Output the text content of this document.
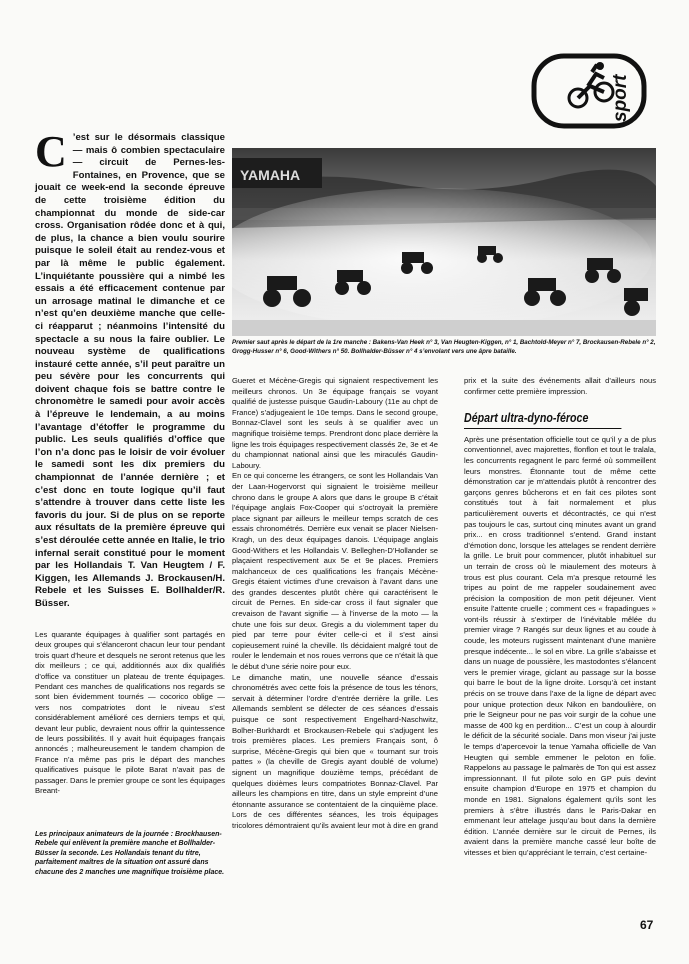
sport
YAMAHA
Premier saut après le départ de la 1re manche : Bakens-Van Heek n° 3, Van Heugten-Kiggen, n° 1, Bachtold-Meyer n° 7, Brockausen-Rebele n° 2, Grogg-Husser n° 6, Good-Withers n° 50. Bollhalder-Büsser n° 4 s’envolant vers une âpre bataille.
C ’est sur le désormais classique — mais ô combien spectaculaire — circuit de Pernes-les-Fontaines, en Provence, que se jouait ce week-end la seconde épreuve de cette troisième édition du championnat du monde de side-car cross. Organisation rôdée donc et à qui, de plus, la chance a bien voulu sourire puisque le soleil était au rendez-vous et par là même le public également. L’inquiétante poussière qui a nimbé les essais a été efficacement contenue par un arrosage matinal le dimanche et ce n’est qu’en deuxième manche que celle-ci réapparut ; néanmoins l’intensité du spectacle a su nous la faire oublier. Le nouveau système de qualifications instauré cette année, s’il peut paraître un peu sévère pour les concurrents qui doivent chaque fois se battre contre le chronomètre le samedi pour avoir accès à l’épreuve le lendemain, a au moins l’avantage d’étoffer le programme du public. Les seuls qualifiés d’office que l’on n’a donc pas le loisir de voir évoluer le samedi sont les dix premiers du championnat de l’année dernière ; et c’est donc en toute logique qu’il faut s’attendre à trouver dans cette liste les favoris du jour. Si de plus on se reporte aux résultats de la première épreuve qui s’est déroulée cette année en Italie, le trio infernal serait constitué pour le moment par les Hollandais T. Van Heugtem / F. Kiggen, les Allemands J. Brockausen/H. Rebele et les Suisses E. Bollhalder/R. Büsser.
Les quarante équipages à qualifier sont partagés en deux groupes qui s’élanceront chacun leur tour pendant trois quart d’heure et desquels ne seront retenus que les dix meilleurs ; ce qui, additionnés aux dix qualifiés d’office va constituer un plateau de trente équipages. Pendant ces manches de qualifications nos regards se sont bien évidemment tournés — cocorico oblige — vers nos compatriotes dont le niveau s’est considérablement amélioré ces derniers temps et qui, devant leur public, devraient nous offrir la quintessence de leurs possibilités. Il y avait huit équipages français annoncés ; malheureusement le tandem champion de France n’a même pas pris le départ des manches qualificatives puisque le pilote Barat n’avait pas de passager. Dans le premier groupe ce sont les équipages Breant-
Les principaux animateurs de la journée : Brockhausen-Rebele qui enlèvent la première manche et Bollhalder-Büsser la seconde. Les Hollandais tenant du titre, parfaitement maîtres de la situation ont assuré dans chacune des 2 manches une magnifique troisième place.

Gueret et Mécène-Gregis qui signaient respectivement les meilleurs chronos. Un 3e équipage français se voyant qualifié de justesse puisque Gaudin-Laboury (11e au chpt de France) s’adjugeaient le 10e temps. Dans le second groupe, Bonnaz-Clavel sont les seuls à se qualifier avec un magnifique troisième temps. Prendront donc place derrière la ligne les trois équipages respectivement classés 2e, 3e et 4e du championnat national ainsi que les miraculés Gaudin-Laboury.

En ce qui concerne les étrangers, ce sont les Hollandais Van der Laan-Hogervorst qui signaient le troisième meilleur chrono dans le groupe A alors que dans le groupe B c’était l’équipage anglais Fox-Cooper qui s’octroyait la première place signant par ailleurs le meilleur temps scratch de ces essais chronométrés. Derrière eux venait se placer Nielsen-Kragh, un des deux équipages danois. L’équipage anglais Good-Withers et les Hollandais V. Belleghen-D’Hollander se plaçaient respectivement aux 5e et 9e places. Premiers malchanceux de ces qualifications les français Mécène-Gregis étaient victimes d’une crevaison à l’avant dans une des grandes descentes plutôt chère qui caractérisent le circuit de Pernes. En side-car cross il faut signaler que crevaison de l’avant signifie — à l’inverse de la moto — la chute une fois sur deux. Gregis a du violemment taper du pied par terre pour éviter celle-ci et il s’est ainsi copieusement ruiné la cheville. Ils décidaient malgré tout de rouler le lendemain et nos roues verrons que ce n’était là que le début d’une série noire pour eux.

Le dimanche matin, une nouvelle séance d’essais chronométrés avec cette fois la présence de tous les ténors, servait à déterminer l’ordre d’entrée derrière la grille. Les Allemands semblent se délecter de ces séances d’essais puisque ce sont respectivement Engelhard-Naschwitz, Bolher-Burkhardt et Brockausen-Rebele qui s’adjugent les trois premières places. Les premiers Français sont, ô surprise, Mécène-Gregis qui bien que « tournant sur trois pattes » (la cheville de Gregis ayant doublé de volume) signent un magnifique douzième temps, précédant de quelques dixièmes leurs compatriotes Bonnaz-Clavel. Par ailleurs les champions en titre, dans un style empreint d’une étonnante assurance se contentaient de la cinquième place. Lors de ces différentes séances, les trois équipages tricolores démontraient qu’ils avaient leur mot à dire en grand

prix et la suite des événements allait d’ailleurs nous confirmer cette première impression.

Départ ultra-dyno-féroce

Après une présentation officielle tout ce qu’il y a de plus conventionnel, avec majorettes, flonflon et tout le tralala, les concurrents regagnent le parc fermé où sommeillent leurs monstres. Étonnante tout de même cette démonstration car je m’attendais plutôt à rencontrer des garçons genres bûcherons et en fait ces pilotes sont constitués tout à fait normalement et plus particulièrement ouverts et décontractés, ce qui n’est pas toujours le cas, surtout cinq minutes avant un grand prix... en cross traditionnel s’entend. Grand instant d’émotion donc, lorsque les attelages se rendent derrière la grille. Le bruit pour commencer, plutôt inhabituel sur un terrain de cross où le miaulement des moteurs à trous est plus courant. Cela m’a presque retourné les tripes au point de me rappeler soudainement avec précision la composition de mon petit déjeuner. Vient ensuite l’attente cruelle ; comment ces « frapadingues » vont-ils réussir à s’extirper de l’inévitable mêlée du premier virage ? Rangés sur deux lignes et au coude à coude, les moteurs rugissent maintenant d’une manière presque indécente... le sol en vibre. La grille s’abaisse et dans un nuage de poussière, les mastodontes s’élancent vers le premier virage, giclant au passage sur la bosse qui barre le bout de la ligne droite. Lorsqu’à cet instant précis on se trouve dans l’axe de la ligne de départ avec pour unique protection deux Nikon en bandoulière, on prie le Seigneur pour ne pas voir surgir de la cohue une masse de 400 kg en perdition... C’est un coup à alourdir le déficit de la sécurité sociale. Dans mon viseur j’ai juste le temps d’apercevoir la tenue Yamaha officielle de Van Heugten qui semble emmener le peloton en folie. Rappelons au passage le palmarès de Ton qui est assez impressionnant. Il fut pilote solo en GP puis devint ensuite champion d’Europe en 1975 et champion du monde en 1981. Signalons également qu’ils sont les premiers à s’être illustrés dans le Paris-Dakar en emmenant leur attelage jusqu’au bout dans la dernière édition. L’année dernière sur le circuit de Pernes, ils avaient dans la première manche cassé leur boîte de vitesses et bien qu’appréciant le terrain, c’est certaine-

67
